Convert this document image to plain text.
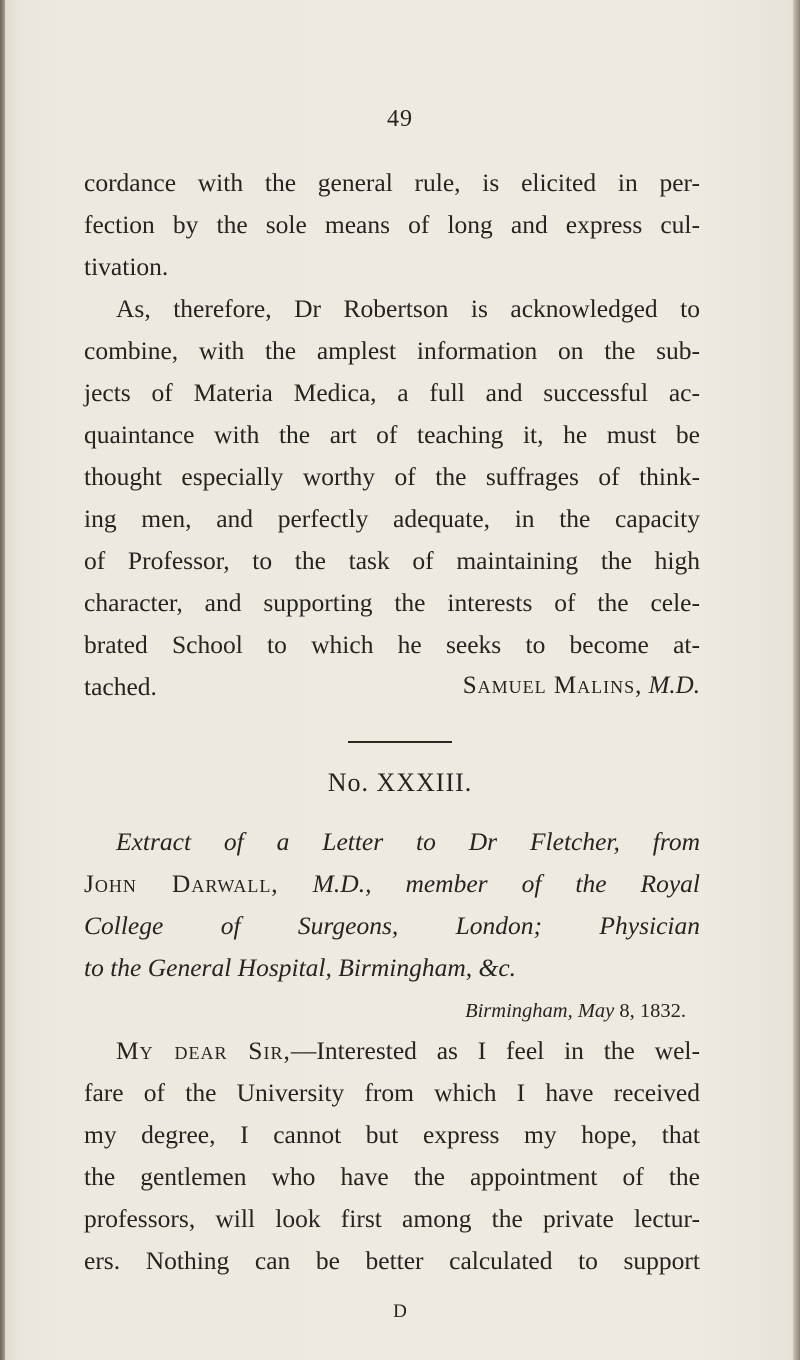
49
cordance with the general rule, is elicited in per-
fection by the sole means of long and express cul-
tivation.
As, therefore, Dr Robertson is acknowledged to
combine, with the amplest information on the sub-
jects of Materia Medica, a full and successful ac-
quaintance with the art of teaching it, he must be
thought especially worthy of the suffrages of think-
ing men, and perfectly adequate, in the capacity
of Professor, to the task of maintaining the high
character, and supporting the interests of the cele-
brated School to which he seeks to become at-
tached.	Samuel Malins, M.D.
No. XXXIII.
Extract of a Letter to Dr Fletcher, from
John Darwall, M.D., member of the Royal
College of Surgeons, London; Physician
to the General Hospital, Birmingham, &c.
Birmingham, May 8, 1832.
My dear Sir,—Interested as I feel in the wel-
fare of the University from which I have received
my degree, I cannot but express my hope, that
the gentlemen who have the appointment of the
professors, will look first among the private lectur-
ers. Nothing can be better calculated to support
D
